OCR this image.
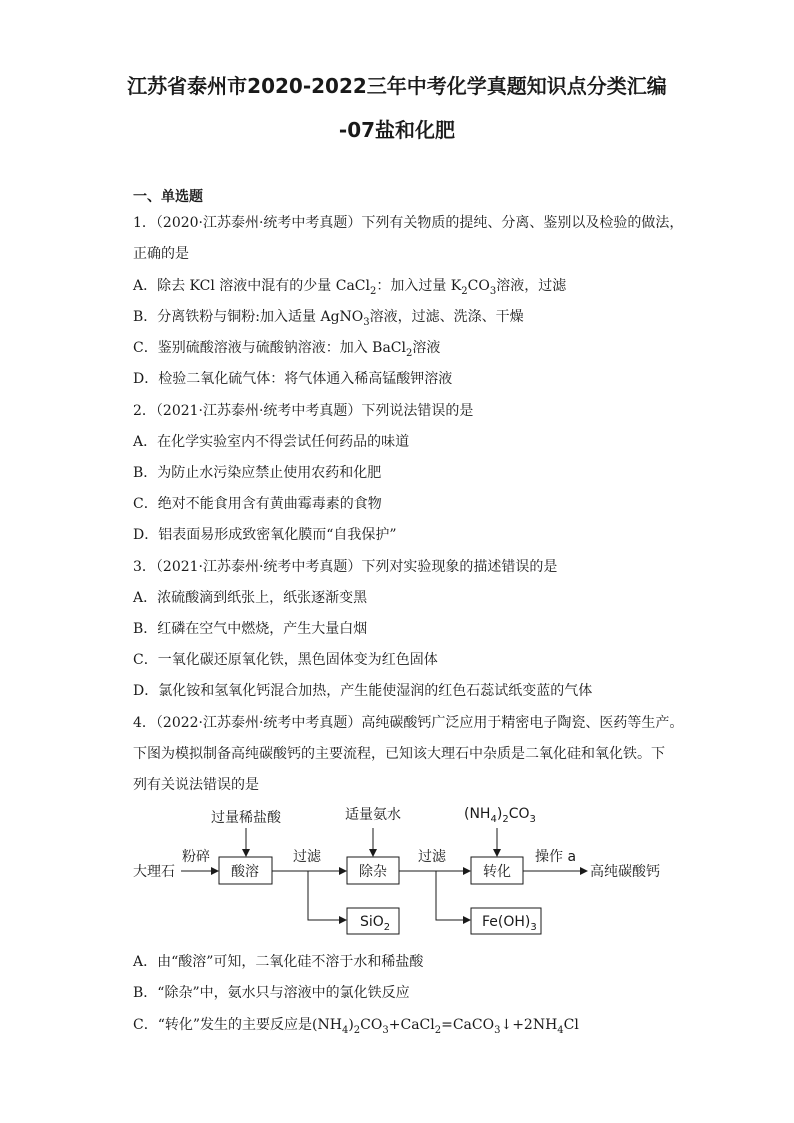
江苏省泰州市2020-2022三年中考化学真题知识点分类汇编
-07盐和化肥
一、单选题
1．（2020·江苏泰州·统考中考真题）下列有关物质的提纯、分离、鉴别以及检验的做法，
正确的是
A．除去 KCl 溶液中混有的少量 CaCl$_2$：加入过量 $K_2CO_3$溶液，过滤
B．分离铁粉与铜粉:加入适量 AgNO$_3$溶液，过滤、洗涤、干燥
C．鉴别硫酸溶液与硫酸钠溶液：加入 BaCl$_2$溶液
D．检验二氧化硫气体：将气体通入稀高锰酸钾溶液
2．（2021·江苏泰州·统考中考真题）下列说法错误的是
A．在化学实验室内不得尝试任何药品的味道
B．为防止水污染应禁止使用农药和化肥
C．绝对不能食用含有黄曲霉毒素的食物
D．铝表面易形成致密氧化膜而“自我保护”
3．（2021·江苏泰州·统考中考真题）下列对实验现象的描述错误的是
A．浓硫酸滴到纸张上，纸张逐渐变黑
B．红磷在空气中燃烧，产生大量白烟
C．一氧化碳还原氧化铁，黑色固体变为红色固体
D．氯化铵和氢氧化钙混合加热，产生能使湿润的红色石蕊试纸变蓝的气体
4．（2022·江苏泰州·统考中考真题）高纯碳酸钙广泛应用于精密电子陶瓷、医药等生产。
下图为模拟制备高纯碳酸钙的主要流程，已知该大理石中杂质是二氧化硅和氧化铁。下
列有关说法错误的是
过量稀盐酸	适量氨水	$(NH_4)_2CO_3$
酸溶	除杂	转化
大理石
粉碎	过滤	过滤	操作 a
高纯碳酸钙
SiO$_2$	$Fe(OH)_3$
A．由“酸溶”可知，二氧化硅不溶于水和稀盐酸
B．“除杂”中，氨水只与溶液中的氯化铁反应
C．“转化”发生的主要反应是$(NH_4)_2CO_3+CaCl_2=CaCO_3↓+2NH_4Cl$
